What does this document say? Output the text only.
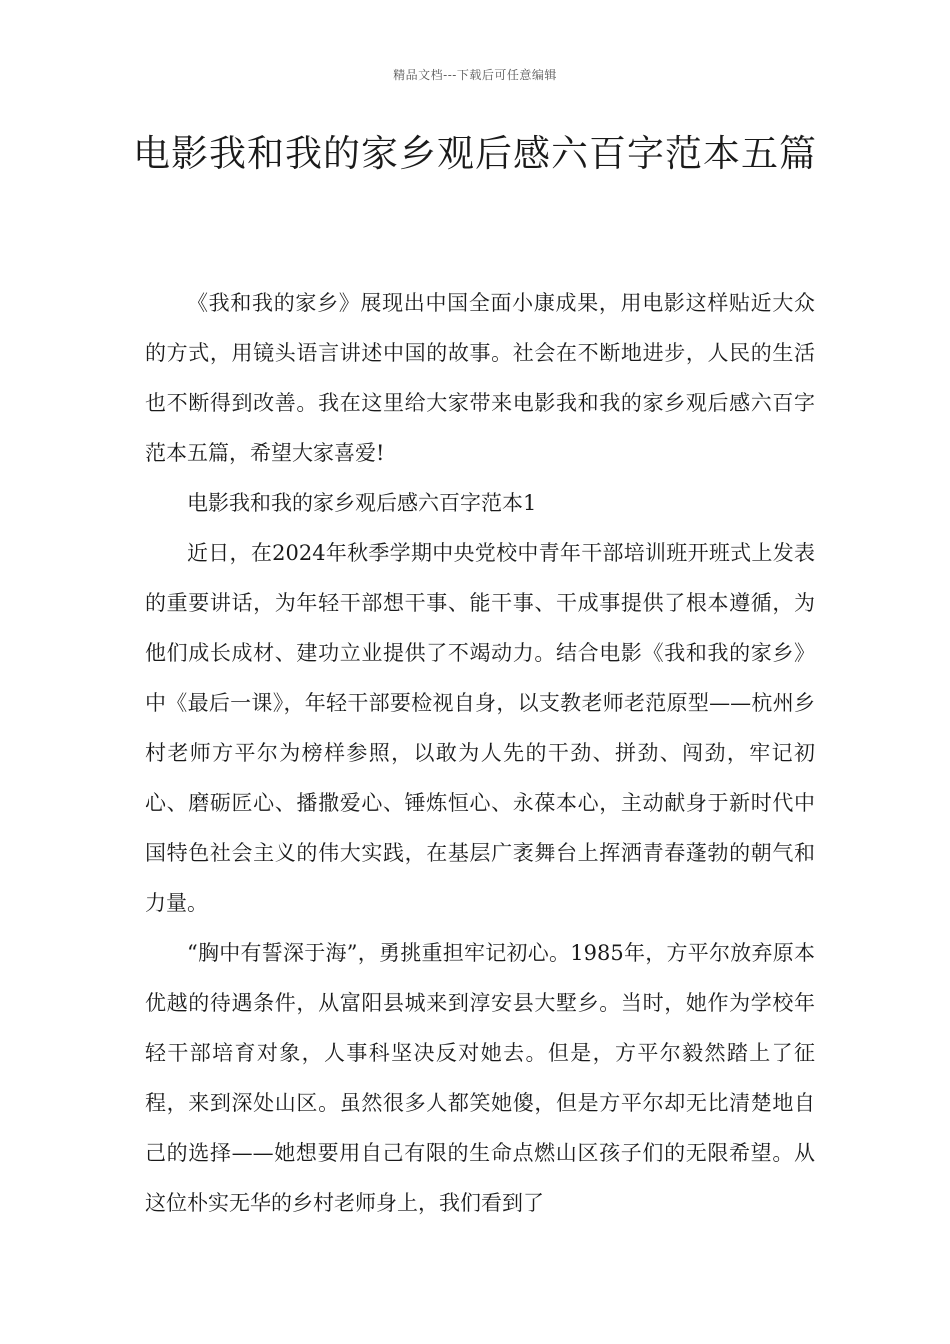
精品文档---下载后可任意编辑
电影我和我的家乡观后感六百字范本五篇

《我和我的家乡》展现出中国全面小康成果，用电影这样贴近大众的方式，用镜头语言讲述中国的故事。社会在不断地进步，人民的生活也不断得到改善。我在这里给大家带来电影我和我的家乡观后感六百字范本五篇，希望大家喜爱!

电影我和我的家乡观后感六百字范本1

近日，在2024年秋季学期中央党校中青年干部培训班开班式上发表的重要讲话，为年轻干部想干事、能干事、干成事提供了根本遵循，为他们成长成材、建功立业提供了不竭动力。结合电影《我和我的家乡》中《最后一课》，年轻干部要检视自身，以支教老师老范原型——杭州乡村老师方平尔为榜样参照，以敢为人先的干劲、拼劲、闯劲，牢记初心、磨砺匠心、播撒爱心、锤炼恒心、永葆本心，主动献身于新时代中国特色社会主义的伟大实践，在基层广袤舞台上挥洒青春蓬勃的朝气和力量。

“胸中有誓深于海”，勇挑重担牢记初心。1985年，方平尔放弃原本优越的待遇条件，从富阳县城来到淳安县大墅乡。当时，她作为学校年轻干部培育对象，人事科坚决反对她去。但是，方平尔毅然踏上了征程，来到深处山区。虽然很多人都笑她傻，但是方平尔却无比清楚地自己的选择——她想要用自己有限的生命点燃山区孩子们的无限希望。从这位朴实无华的乡村老师身上，我们看到了
